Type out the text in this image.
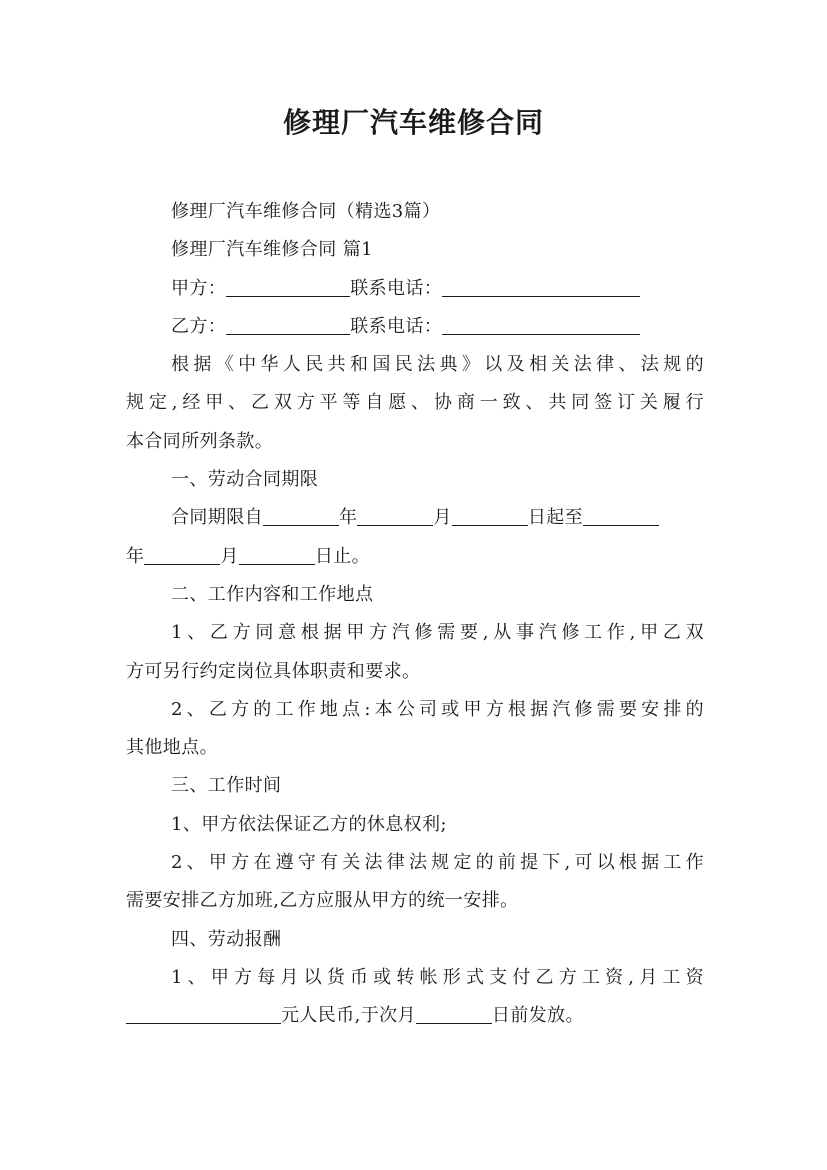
修理厂汽车维修合同

修理厂汽车维修合同（精选3篇）

修理厂汽车维修合同 篇1

甲方：	联系电话：

乙方：	联系电话：

根据《中华人民共和国民法典》以及相关法律、法规的

规定,经甲、乙双方平等自愿、协商一致、共同签订关履行

本合同所列条款。

一、劳动合同期限

合同期限自	年	月	日起至

年	月	日止。

二、工作内容和工作地点

1、乙方同意根据甲方汽修需要,从事汽修工作,甲乙双

方可另行约定岗位具体职责和要求。

2、乙方的工作地点:本公司或甲方根据汽修需要安排的

其他地点。

三、工作时间

1、甲方依法保证乙方的休息权利;

2、甲方在遵守有关法律法规定的前提下,可以根据工作

需要安排乙方加班,乙方应服从甲方的统一安排。

四、劳动报酬

1、甲方每月以货币或转帐形式支付乙方工资,月工资

元人民币,于次月	日前发放。
